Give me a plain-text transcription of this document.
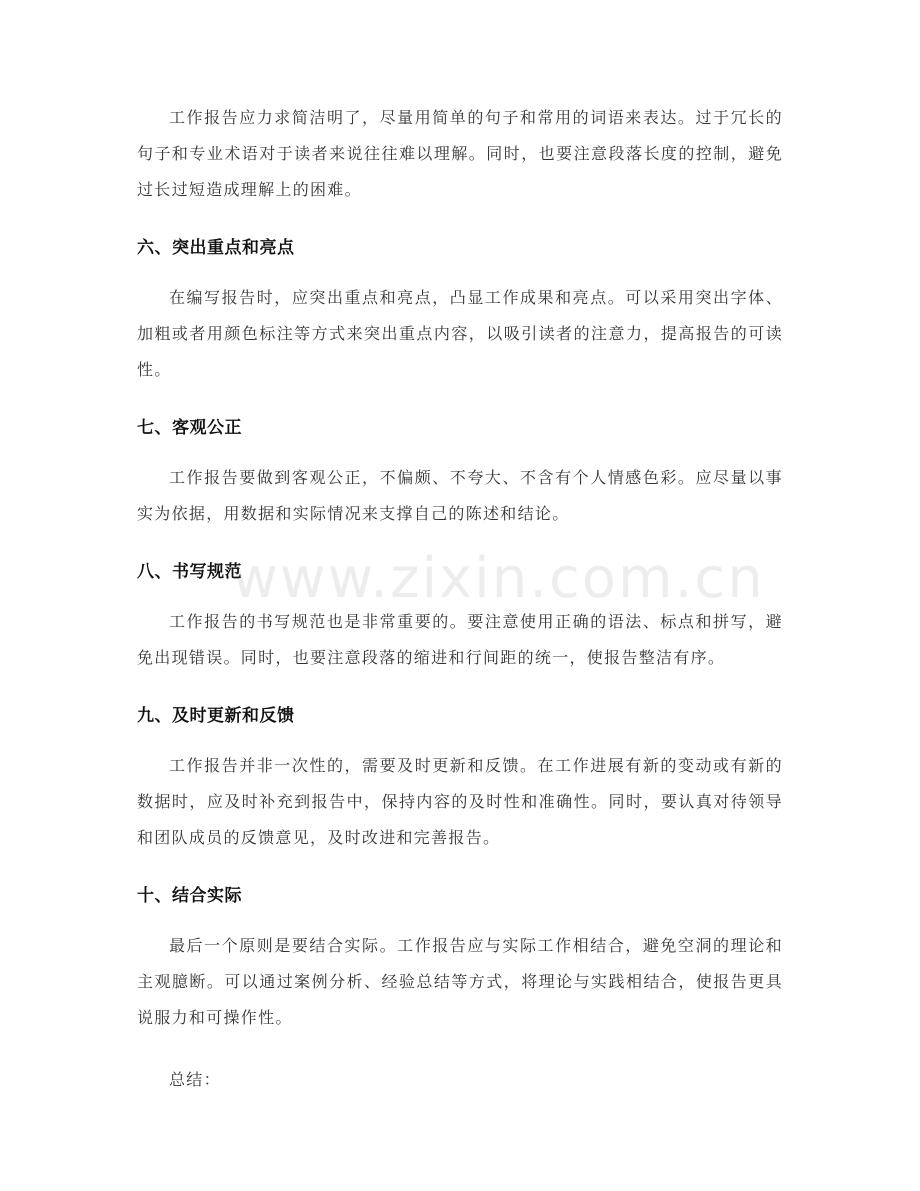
www.zixin.com.cn

工作报告应力求简洁明了，尽量用简单的句子和常用的词语来表达。过于冗长的句子和专业术语对于读者来说往往难以理解。同时，也要注意段落长度的控制，避免过长过短造成理解上的困难。

六、突出重点和亮点

在编写报告时，应突出重点和亮点，凸显工作成果和亮点。可以采用突出字体、加粗或者用颜色标注等方式来突出重点内容，以吸引读者的注意力，提高报告的可读性。

七、客观公正

工作报告要做到客观公正，不偏颇、不夸大、不含有个人情感色彩。应尽量以事实为依据，用数据和实际情况来支撑自己的陈述和结论。

八、书写规范

工作报告的书写规范也是非常重要的。要注意使用正确的语法、标点和拼写，避免出现错误。同时，也要注意段落的缩进和行间距的统一，使报告整洁有序。

九、及时更新和反馈

工作报告并非一次性的，需要及时更新和反馈。在工作进展有新的变动或有新的数据时，应及时补充到报告中，保持内容的及时性和准确性。同时，要认真对待领导和团队成员的反馈意见，及时改进和完善报告。

十、结合实际

最后一个原则是要结合实际。工作报告应与实际工作相结合，避免空洞的理论和主观臆断。可以通过案例分析、经验总结等方式，将理论与实践相结合，使报告更具说服力和可操作性。

总结：
